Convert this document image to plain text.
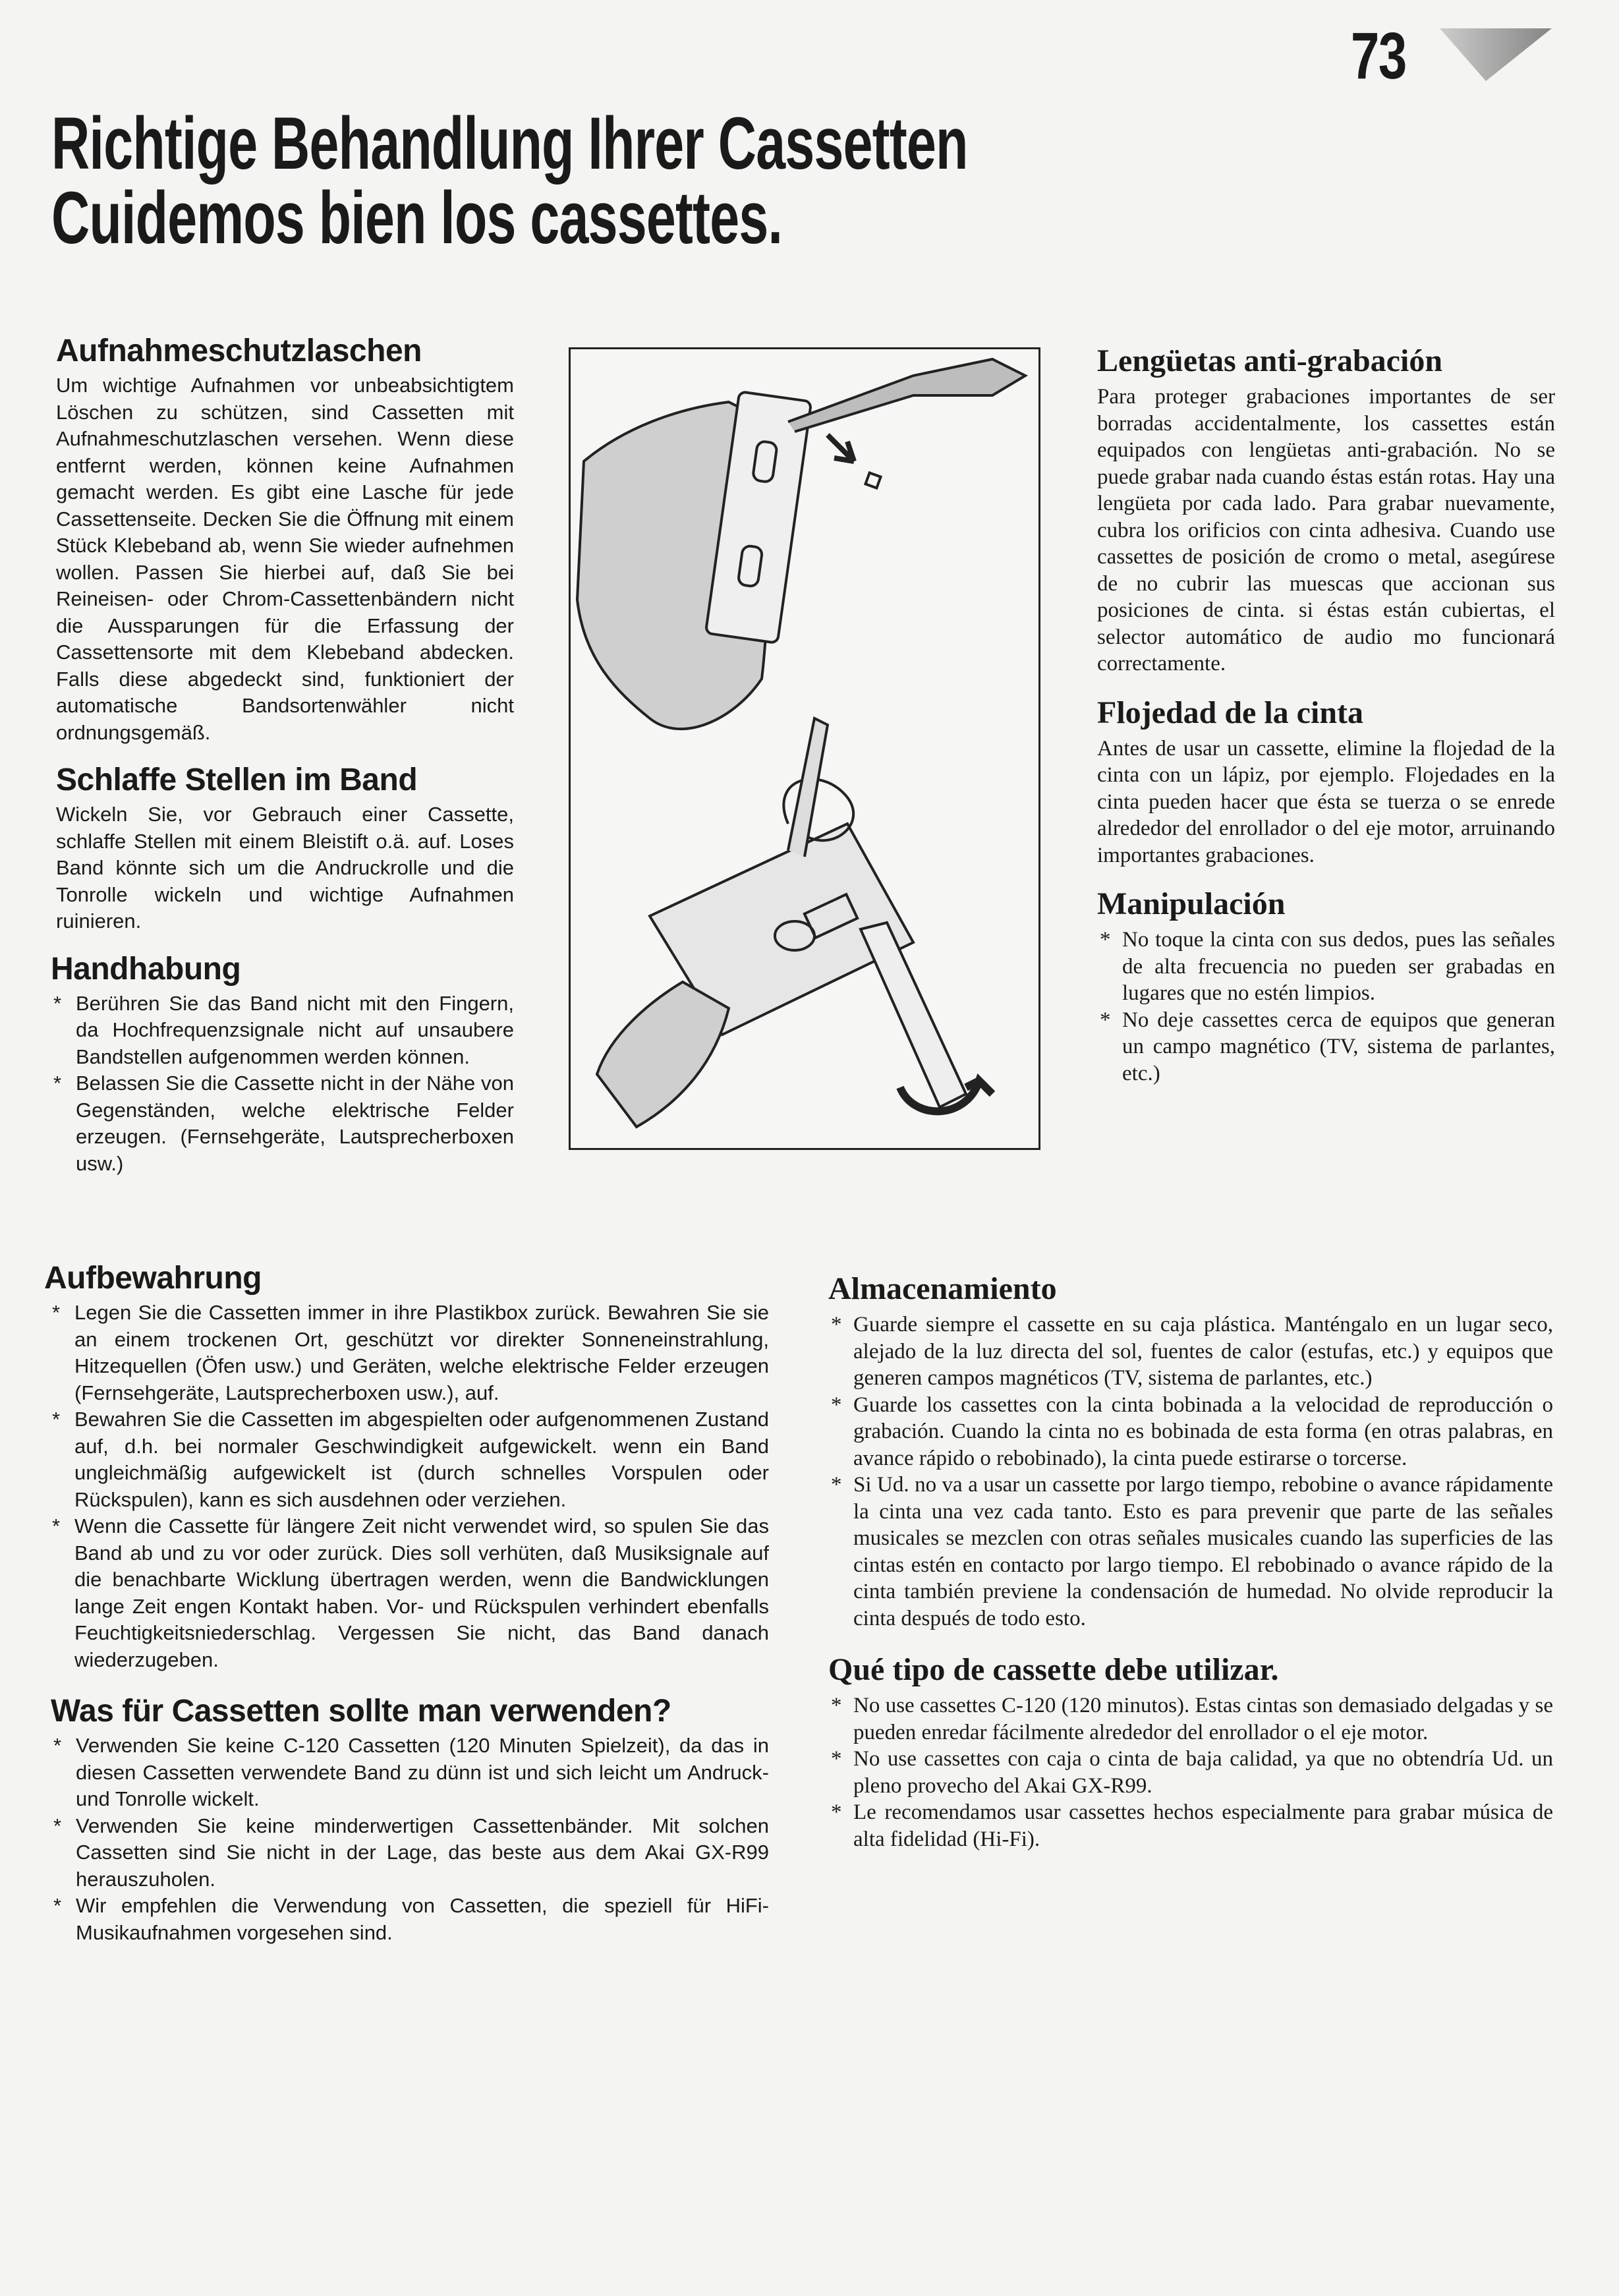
73
Richtige Behandlung Ihrer Cassetten
Cuidemos bien los cassettes.
Aufnahmeschutzlaschen

Um wichtige Aufnahmen vor unbeabsichtigtem Löschen zu schützen, sind Cassetten mit Aufnahmeschutzlaschen versehen. Wenn diese entfernt werden, können keine Aufnahmen gemacht werden. Es gibt eine Lasche für jede Cassettenseite. Decken Sie die Öffnung mit einem Stück Klebeband ab, wenn Sie wieder aufnehmen wollen. Passen Sie hierbei auf, daß Sie bei Reineisen- oder Chrom-Cassettenbändern nicht die Aussparungen für die Erfassung der Cassettensorte mit dem Klebeband abdecken. Falls diese abgedeckt sind, funktioniert der automatische Bandsortenwähler nicht ordnungsgemäß.

Schlaffe Stellen im Band

Wickeln Sie, vor Gebrauch einer Cassette, schlaffe Stellen mit einem Bleistift o.ä. auf. Loses Band könnte sich um die Andruckrolle und die Tonrolle wickeln und wichtige Aufnahmen ruinieren.

Handhabung
* Berühren Sie das Band nicht mit den Fingern, da Hochfrequenzsignale nicht auf unsaubere Bandstellen aufgenommen werden können.
* Belassen Sie die Cassette nicht in der Nähe von Gegenständen, welche elektrische Felder erzeugen. (Fernsehgeräte, Lautsprecherboxen usw.)
Lengüetas anti-grabación

Para proteger grabaciones importantes de ser borradas accidentalmente, los cassettes están equipados con lengüetas anti-grabación. No se puede grabar nada cuando éstas están rotas. Hay una lengüeta por cada lado. Para grabar nuevamente, cubra los orificios con cinta adhesiva. Cuando use cassettes de posición de cromo o metal, asegúrese de no cubrir las muescas que accionan sus posiciones de cinta. si éstas están cubiertas, el selector automático de audio mo funcionará correctamente.

Flojedad de la cinta

Antes de usar un cassette, elimine la flojedad de la cinta con un lápiz, por ejemplo. Flojedades en la cinta pueden hacer que ésta se tuerza o se enrede alrededor del enrollador o del eje motor, arruinando importantes grabaciones.

Manipulación
* No toque la cinta con sus dedos, pues las señales de alta frecuencia no pueden ser grabadas en lugares que no estén limpios.
* No deje cassettes cerca de equipos que generan un campo magnético (TV, sistema de parlantes, etc.)
Aufbewahrung
* Legen Sie die Cassetten immer in ihre Plastikbox zurück. Bewahren Sie sie an einem trockenen Ort, geschützt vor direkter Sonneneinstrahlung, Hitzequellen (Öfen usw.) und Geräten, welche elektrische Felder erzeugen (Fernsehgeräte, Lautsprecherboxen usw.), auf.
* Bewahren Sie die Cassetten im abgespielten oder aufgenommenen Zustand auf, d.h. bei normaler Geschwindigkeit aufgewickelt. wenn ein Band ungleichmäßig aufgewickelt ist (durch schnelles Vorspulen oder Rückspulen), kann es sich ausdehnen oder verziehen.
* Wenn die Cassette für längere Zeit nicht verwendet wird, so spulen Sie das Band ab und zu vor oder zurück. Dies soll verhüten, daß Musiksignale auf die benachbarte Wicklung übertragen werden, wenn die Bandwicklungen lange Zeit engen Kontakt haben. Vor- und Rückspulen verhindert ebenfalls Feuchtigkeitsniederschlag. Vergessen Sie nicht, das Band danach wiederzugeben.
Was für Cassetten sollte man verwenden?
* Verwenden Sie keine C-120 Cassetten (120 Minuten Spielzeit), da das in diesen Cassetten verwendete Band zu dünn ist und sich leicht um Andruck- und Tonrolle wickelt.
* Verwenden Sie keine minderwertigen Cassettenbänder. Mit solchen Cassetten sind Sie nicht in der Lage, das beste aus dem Akai GX-R99 herauszuholen.
* Wir empfehlen die Verwendung von Cassetten, die speziell für HiFi-Musikaufnahmen vorgesehen sind.
Almacenamiento
* Guarde siempre el cassette en su caja plástica. Manténgalo en un lugar seco, alejado de la luz directa del sol, fuentes de calor (estufas, etc.) y equipos que generen campos magnéticos (TV, sistema de parlantes, etc.)
* Guarde los cassettes con la cinta bobinada a la velocidad de reproducción o grabación. Cuando la cinta no es bobinada de esta forma (en otras palabras, en avance rápido o rebobinado), la cinta puede estirarse o torcerse.
* Si Ud. no va a usar un cassette por largo tiempo, rebobine o avance rápidamente la cinta una vez cada tanto. Esto es para prevenir que parte de las señales musicales se mezclen con otras señales musicales cuando las superficies de las cintas estén en contacto por largo tiempo. El rebobinado o avance rápido de la cinta también previene la condensación de humedad. No olvide reproducir la cinta después de todo esto.
Qué tipo de cassette debe utilizar.
* No use cassettes C-120 (120 minutos). Estas cintas son demasiado delgadas y se pueden enredar fácilmente alrededor del enrollador o el eje motor.
* No use cassettes con caja o cinta de baja calidad, ya que no obtendría Ud. un pleno provecho del Akai GX-R99.
* Le recomendamos usar cassettes hechos especialmente para grabar música de alta fidelidad (Hi-Fi).
